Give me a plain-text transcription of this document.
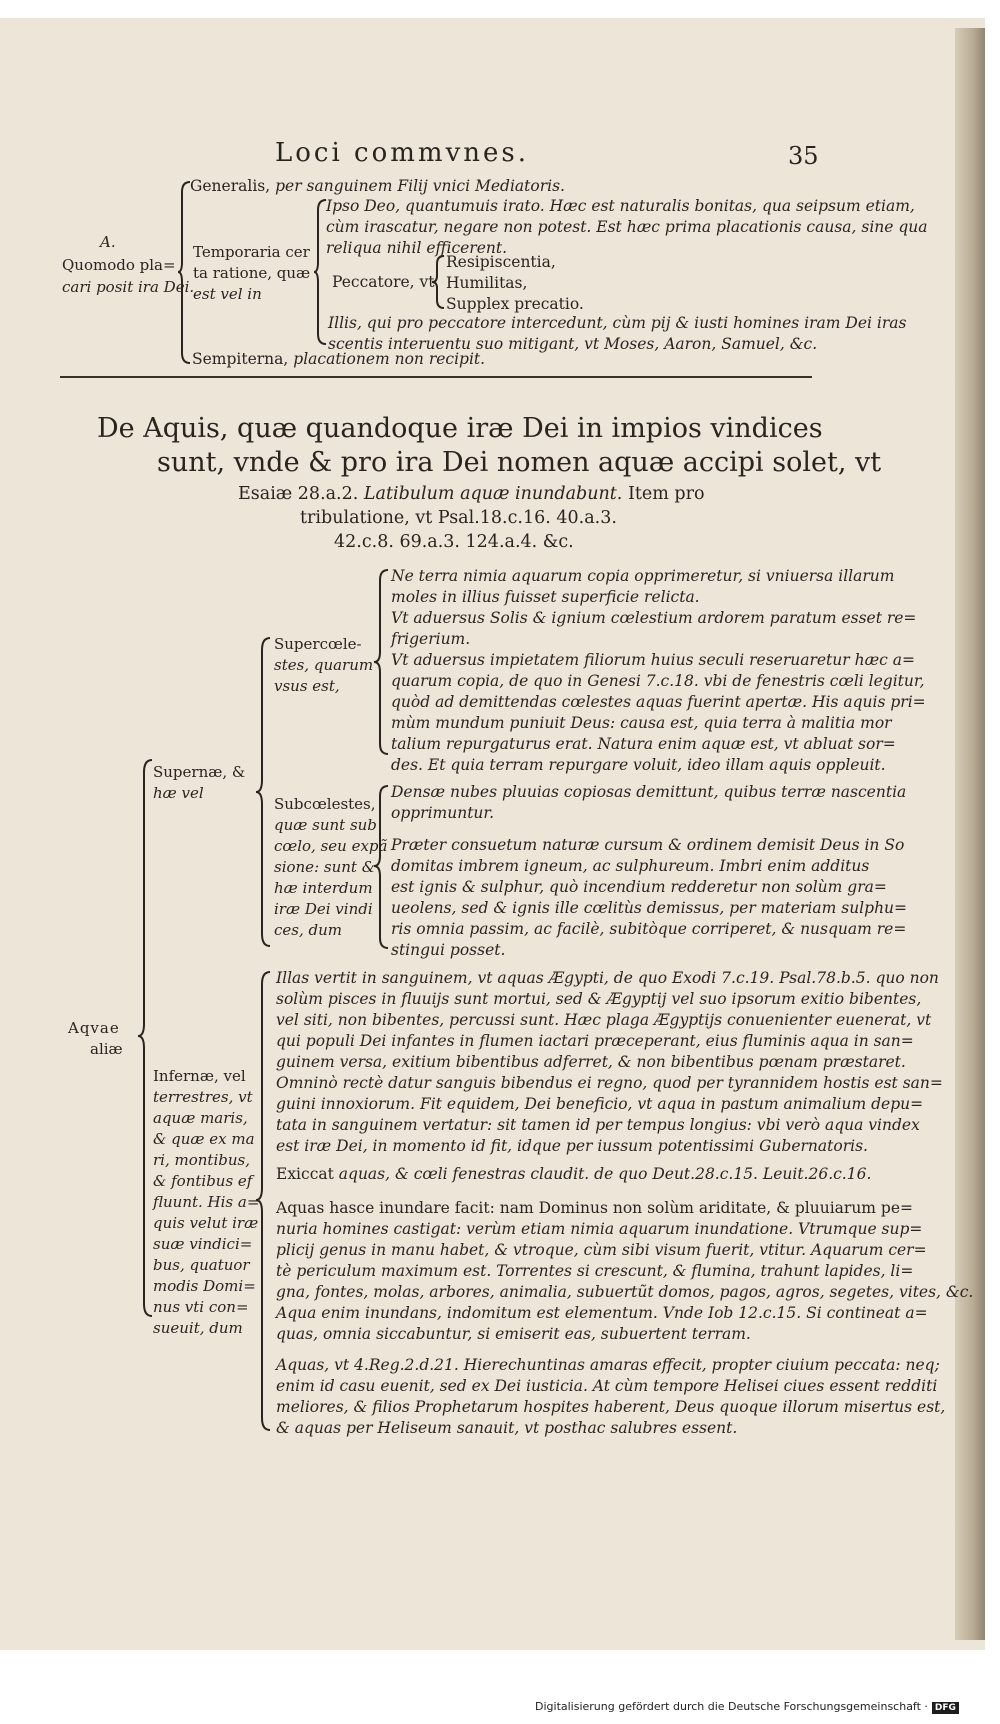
Loci commvnes.	35
A.
Quomodo pla=
cari posit ira Dei.
Generalis, per sanguinem Filij vnici Mediatoris.
Temporaria cer
ta ratione, quæ
est vel in
Ipso Deo, quantumuis irato. Hæc est naturalis bonitas, qua seipsum etiam,
cùm irascatur, negare non potest. Est hæc prima placationis causa, sine qua
reliqua nihil efficerent.
Peccatore, vt
Resipiscentia,
Humilitas,
Supplex precatio.
Illis, qui pro peccatore intercedunt, cùm pij & iusti homines iram Dei iras
scentis interuentu suo mitigant, vt Moses, Aaron, Samuel, &c.
Sempiterna, placationem non recipit.
De Aquis, quæ quandoque iræ Dei in impios vindices
sunt, vnde & pro ira Dei nomen aquæ accipi solet, vt
Esaiæ 28.a.2. Latibulum aquæ inundabunt. Item pro
tribulatione, vt Psal.18.c.16. 40.a.3.
42.c.8. 69.a.3. 124.a.4. &c.
Aqvae
aliæ
Supernæ, &
hæ vel
Supercœle-
stes, quarum
vsus est,
Ne terra nimia aquarum copia opprimeretur, si vniuersa illarum
moles in illius fuisset superficie relicta.
Vt aduersus Solis & ignium cœlestium ardorem paratum esset re=
frigerium.
Vt aduersus impietatem filiorum huius seculi reseruaretur hæc a=
quarum copia, de quo in Genesi 7.c.18. vbi de fenestris cœli legitur,
quòd ad demittendas cœlestes aquas fuerint apertæ. His aquis pri=
mùm mundum puniuit Deus: causa est, quia terra à malitia mor
talium repurgaturus erat. Natura enim aquæ est, vt abluat sor=
des. Et quia terram repurgare voluit, ideo illam aquis oppleuit.
Subcœlestes,
quæ sunt sub
cœlo, seu expã
sione: sunt &
hæ interdum
iræ Dei vindi
ces, dum
Densæ nubes pluuias copiosas demittunt, quibus terræ nascentia
opprimuntur.
Præter consuetum naturæ cursum & ordinem demisit Deus in So
domitas imbrem igneum, ac sulphureum. Imbri enim additus
est ignis & sulphur, quò incendium redderetur non solùm gra=
ueolens, sed & ignis ille cœlitùs demissus, per materiam sulphu=
ris omnia passim, ac facilè, subitòque corriperet, & nusquam re=
stingui posset.
Infernæ, vel
terrestres, vt
aquæ maris,
& quæ ex ma
ri, montibus,
& fontibus ef
fluunt. His a=
quis velut iræ
suæ vindici=
bus, quatuor
modis Domi=
nus vti con=
sueuit, dum
Illas vertit in sanguinem, vt aquas Ægypti, de quo Exodi 7.c.19. Psal.78.b.5. quo non
solùm pisces in fluuijs sunt mortui, sed & Ægyptij vel suo ipsorum exitio bibentes,
vel siti, non bibentes, percussi sunt. Hæc plaga Ægyptijs conuenienter euenerat, vt
qui populi Dei infantes in flumen iactari præceperant, eius fluminis aqua in san=
guinem versa, exitium bibentibus adferret, & non bibentibus pœnam præstaret.
Omninò rectè datur sanguis bibendus ei regno, quod per tyrannidem hostis est san=
guini innoxiorum. Fit equidem, Dei beneficio, vt aqua in pastum animalium depu=
tata in sanguinem vertatur: sit tamen id per tempus longius: vbi verò aqua vindex
est iræ Dei, in momento id fit, idque per iussum potentissimi Gubernatoris.
Exiccat aquas, & cœli fenestras claudit. de quo Deut.28.c.15. Leuit.26.c.16.
Aquas hasce inundare facit: nam Dominus non solùm ariditate, & pluuiarum pe=
nuria homines castigat: verùm etiam nimia aquarum inundatione. Vtrumque sup=
plicij genus in manu habet, & vtroque, cùm sibi visum fuerit, vtitur. Aquarum cer=
tè periculum maximum est. Torrentes si crescunt, & flumina, trahunt lapides, li=
gna, fontes, molas, arbores, animalia, subuertũt domos, pagos, agros, segetes, vites, &c.
Aqua enim inundans, indomitum est elementum. Vnde Iob 12.c.15. Si contineat a=
quas, omnia siccabuntur, si emiserit eas, subuertent terram.
Aquas, vt 4.Reg.2.d.21. Hierechuntinas amaras effecit, propter ciuium peccata: neq;
enim id casu euenit, sed ex Dei iusticia. At cùm tempore Helisei ciues essent redditi
meliores, & filios Prophetarum hospites haberent, Deus quoque illorum misertus est,
& aquas per Heliseum sanauit, vt posthac salubres essent.
Digitalisierung gefördert durch die Deutsche Forschungsgemeinschaft · DFG
